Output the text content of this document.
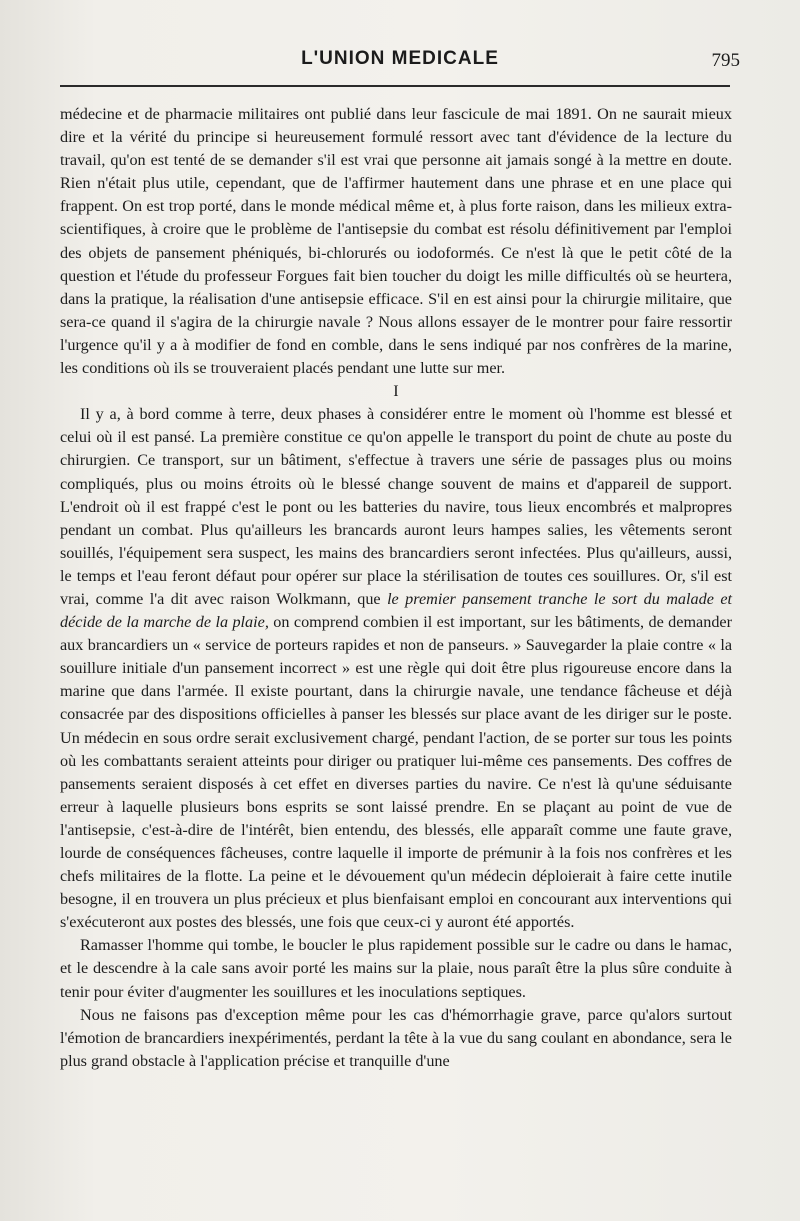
L'UNION MEDICALE	795

médecine et de pharmacie militaires ont publié dans leur fascicule de mai 1891. On ne saurait mieux dire et la vérité du principe si heureusement formulé ressort avec tant d'évidence de la lecture du travail, qu'on est tenté de se demander s'il est vrai que personne ait jamais songé à la mettre en doute. Rien n'était plus utile, cependant, que de l'affirmer hautement dans une phrase et en une place qui frappent. On est trop porté, dans le monde médical même et, à plus forte raison, dans les milieux extra-scientifiques, à croire que le problème de l'antisepsie du combat est résolu définitivement par l'emploi des objets de pansement phéniqués, bi-chlorurés ou iodoformés. Ce n'est là que le petit côté de la question et l'étude du professeur Forgues fait bien toucher du doigt les mille difficultés où se heurtera, dans la pratique, la réalisation d'une antisepsie efficace. S'il en est ainsi pour la chirurgie militaire, que sera-ce quand il s'agira de la chirurgie navale ? Nous allons essayer de le montrer pour faire ressortir l'urgence qu'il y a à modifier de fond en comble, dans le sens indiqué par nos confrères de la marine, les conditions où ils se trouveraient placés pendant une lutte sur mer.

I

Il y a, à bord comme à terre, deux phases à considérer entre le moment où l'homme est blessé et celui où il est pansé. La première constitue ce qu'on appelle le transport du point de chute au poste du chirurgien. Ce transport, sur un bâtiment, s'effectue à travers une série de passages plus ou moins compliqués, plus ou moins étroits où le blessé change souvent de mains et d'appareil de support. L'endroit où il est frappé c'est le pont ou les batteries du navire, tous lieux encombrés et malpropres pendant un combat. Plus qu'ailleurs les brancards auront leurs hampes salies, les vêtements seront souillés, l'équipement sera suspect, les mains des brancardiers seront infectées. Plus qu'ailleurs, aussi, le temps et l'eau feront défaut pour opérer sur place la stérilisation de toutes ces souillures. Or, s'il est vrai, comme l'a dit avec raison Wolkmann, que le premier pansement tranche le sort du malade et décide de la marche de la plaie, on comprend combien il est important, sur les bâtiments, de demander aux brancardiers un « service de porteurs rapides et non de panseurs. » Sauvegarder la plaie contre « la souillure initiale d'un pansement incorrect » est une règle qui doit être plus rigoureuse encore dans la marine que dans l'armée. Il existe pourtant, dans la chirurgie navale, une tendance fâcheuse et déjà consacrée par des dispositions officielles à panser les blessés sur place avant de les diriger sur le poste. Un médecin en sous ordre serait exclusivement chargé, pendant l'action, de se porter sur tous les points où les combattants seraient atteints pour diriger ou pratiquer lui-même ces pansements. Des coffres de pansements seraient disposés à cet effet en diverses parties du navire. Ce n'est là qu'une séduisante erreur à laquelle plusieurs bons esprits se sont laissé prendre. En se plaçant au point de vue de l'antisepsie, c'est-à-dire de l'intérêt, bien entendu, des blessés, elle apparaît comme une faute grave, lourde de conséquences fâcheuses, contre laquelle il importe de prémunir à la fois nos confrères et les chefs militaires de la flotte. La peine et le dévouement qu'un médecin déploierait à faire cette inutile besogne, il en trouvera un plus précieux et plus bienfaisant emploi en concourant aux interventions qui s'exécuteront aux postes des blessés, une fois que ceux-ci y auront été apportés.

Ramasser l'homme qui tombe, le boucler le plus rapidement possible sur le cadre ou dans le hamac, et le descendre à la cale sans avoir porté les mains sur la plaie, nous paraît être la plus sûre conduite à tenir pour éviter d'augmenter les souillures et les inoculations septiques.

Nous ne faisons pas d'exception même pour les cas d'hémorrhagie grave, parce qu'alors surtout l'émotion de brancardiers inexpérimentés, perdant la tête à la vue du sang coulant en abondance, sera le plus grand obstacle à l'application précise et tranquille d'une
